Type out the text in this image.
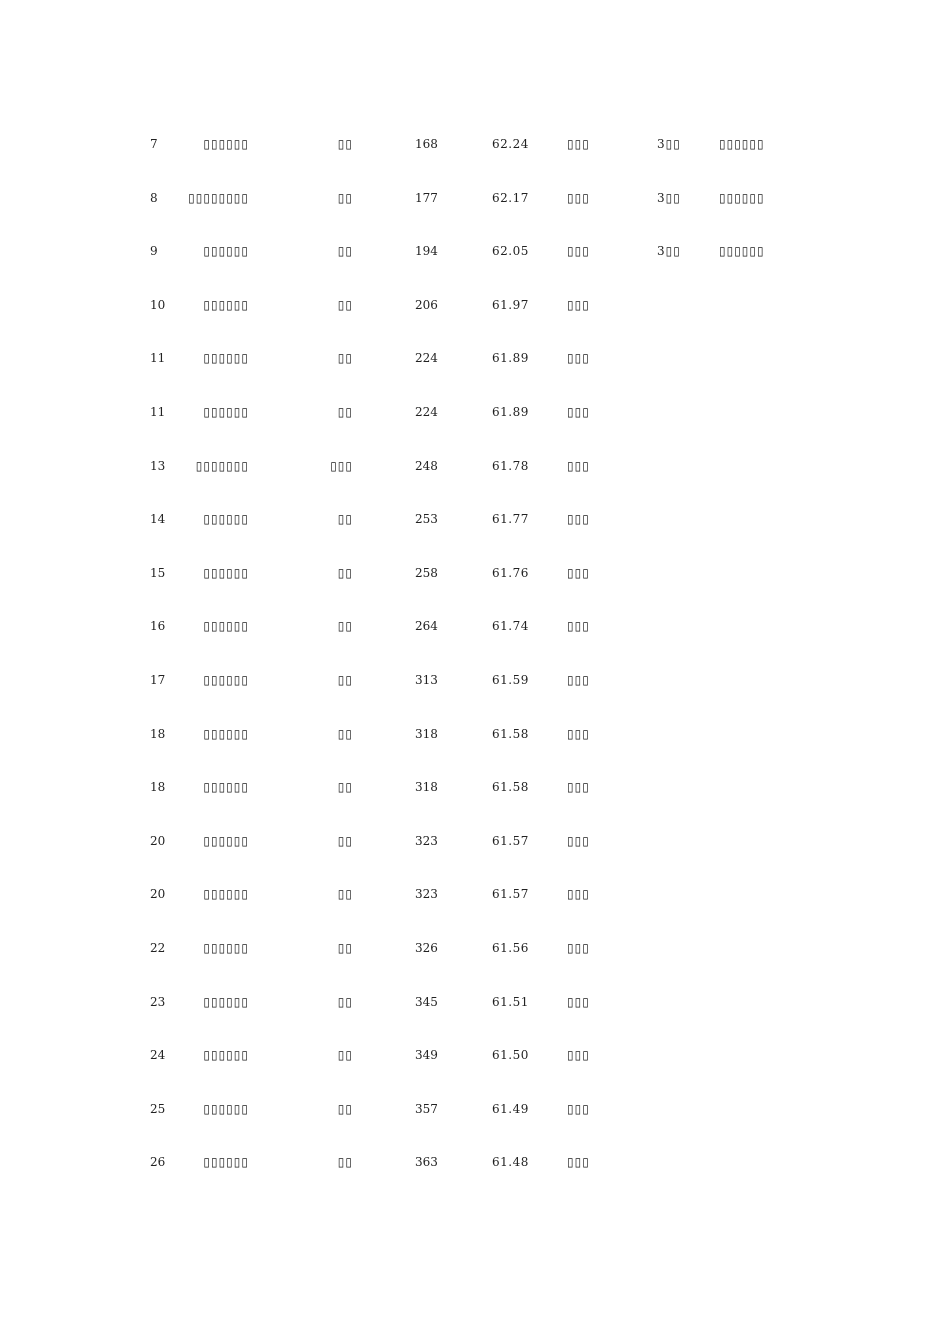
7	▯▯▯▯▯▯	▯▯	168	62.24	▯▯▯	3▯▯	▯▯▯▯▯▯
8	▯▯▯▯▯▯▯▯	▯▯	177	62.17	▯▯▯	3▯▯	▯▯▯▯▯▯
9	▯▯▯▯▯▯	▯▯	194	62.05	▯▯▯	3▯▯	▯▯▯▯▯▯
10	▯▯▯▯▯▯	▯▯	206	61.97	▯▯▯
11	▯▯▯▯▯▯	▯▯	224	61.89	▯▯▯
11	▯▯▯▯▯▯	▯▯	224	61.89	▯▯▯
13	▯▯▯▯▯▯▯	▯▯▯	248	61.78	▯▯▯
14	▯▯▯▯▯▯	▯▯	253	61.77	▯▯▯
15	▯▯▯▯▯▯	▯▯	258	61.76	▯▯▯
16	▯▯▯▯▯▯	▯▯	264	61.74	▯▯▯
17	▯▯▯▯▯▯	▯▯	313	61.59	▯▯▯
18	▯▯▯▯▯▯	▯▯	318	61.58	▯▯▯
18	▯▯▯▯▯▯	▯▯	318	61.58	▯▯▯
20	▯▯▯▯▯▯	▯▯	323	61.57	▯▯▯
20	▯▯▯▯▯▯	▯▯	323	61.57	▯▯▯
22	▯▯▯▯▯▯	▯▯	326	61.56	▯▯▯
23	▯▯▯▯▯▯	▯▯	345	61.51	▯▯▯
24	▯▯▯▯▯▯	▯▯	349	61.50	▯▯▯
25	▯▯▯▯▯▯	▯▯	357	61.49	▯▯▯
26	▯▯▯▯▯▯	▯▯	363	61.48	▯▯▯
